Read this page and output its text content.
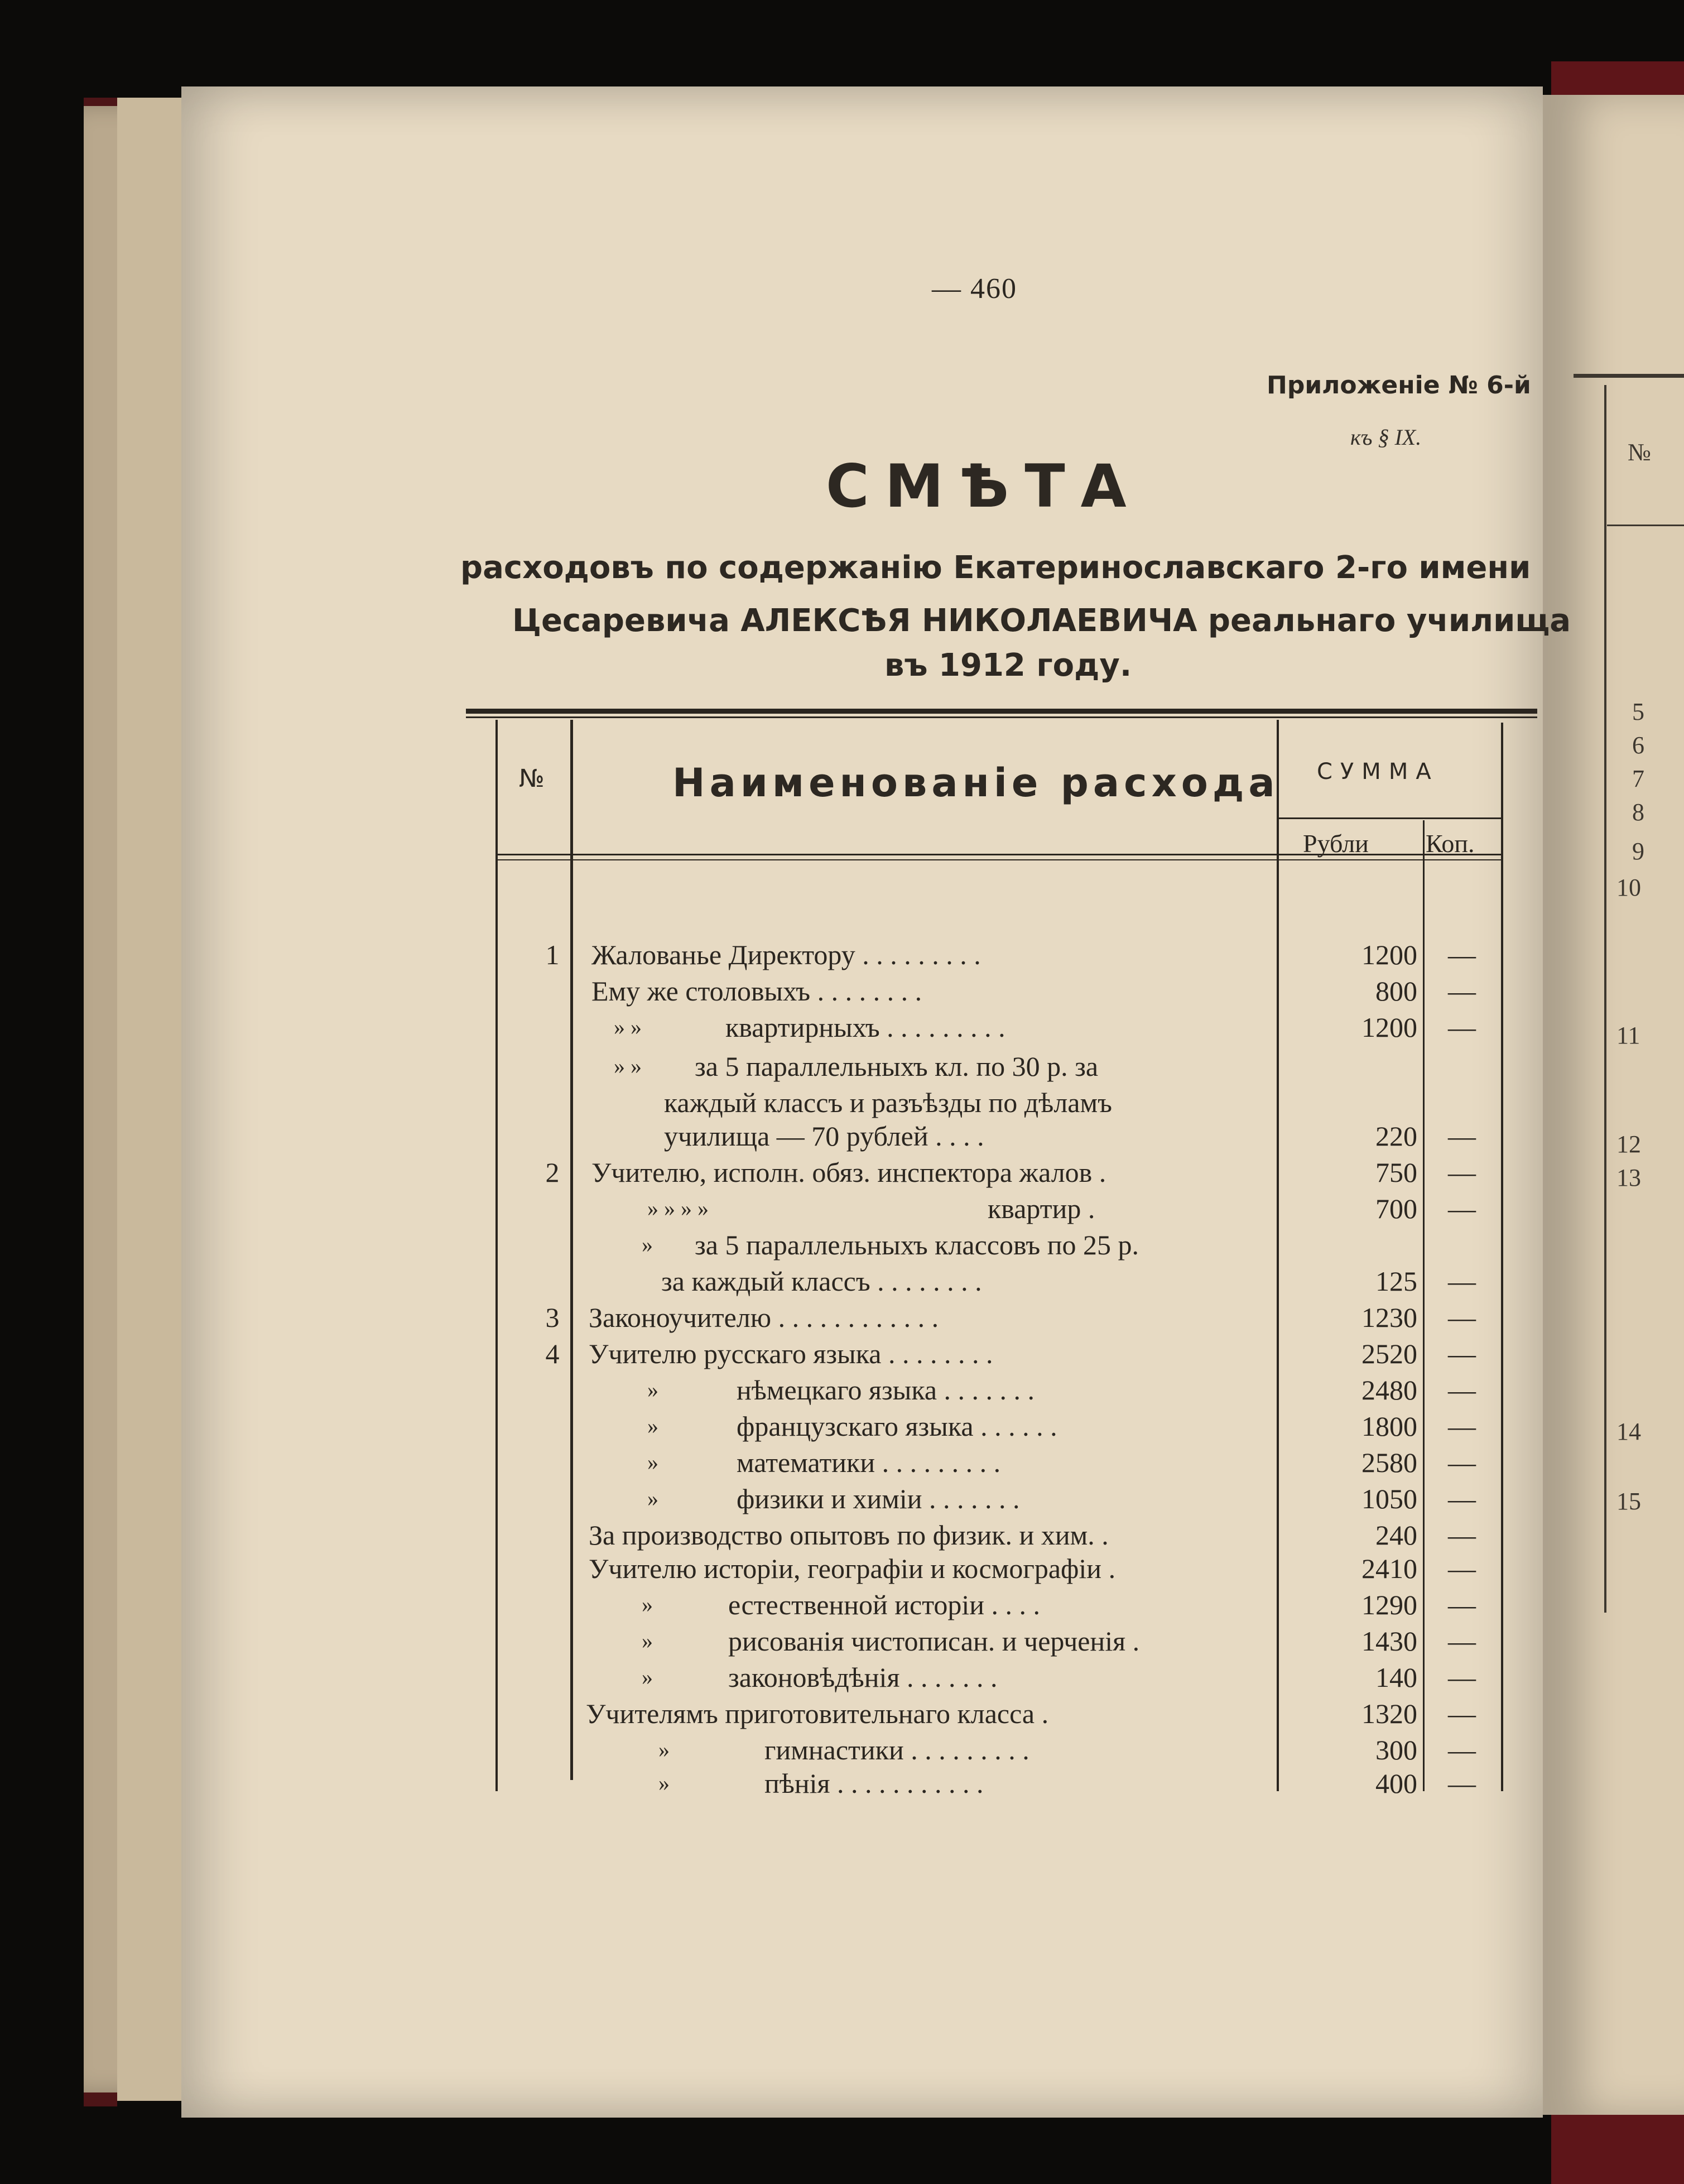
№
5
6
7
8
9
10
11
12
13
14
15
— 460
Приложеніе № 6-й
къ § IX.
СМѢТА
расходовъ по содержанію Екатеринославскаго 2-го имени
Цесаревича АЛЕКСѢЯ НИКОЛАЕВИЧА реальнаго училища
въ 1912 году.
№	Наименованіе расхода СУММА
Рубли Коп.
1	Жалованье Директору . . . . . . . . .	1200 —
Ему же столовыхъ . . . . . . . .	800 —
» »	квартирныхъ . . . . . . . . .	1200 —
» » за 5 параллельныхъ кл. по 30 р. за
каждый классъ и разъѣзды по дѣламъ
училища — 70 рублей . . . .	220 —
2	Учителю, исполн. обяз. инспектора жалов .	750 —
» » » »	квартир .	700 —
» за 5 параллельныхъ классовъ по 25 р.
за каждый классъ . . . . . . . .	125 —
3	Законоучителю . . . . . . . . . . . .	1230 —
4	Учителю русскаго языка . . . . . . . .	2520 —
»	нѣмецкаго языка . . . . . . .	2480 —
»	французскаго языка . . . . . .	1800 —
»	математики . . . . . . . . .	2580 —
»	физики и химіи . . . . . . .	1050 —
За производство опытовъ по физик. и хим. .	240 —
Учителю исторіи, географіи и космографіи .	2410 —
»	естественной исторіи . . . .	1290 —
»	рисованія чистописан. и черченія .	1430 —
»	законовѣдѣнія . . . . . . .	140 —
Учителямъ приготовительнаго класса .	1320 —
»	гимнастики . . . . . . . . .	300 —
»	пѣнія . . . . . . . . . . .	400 —
